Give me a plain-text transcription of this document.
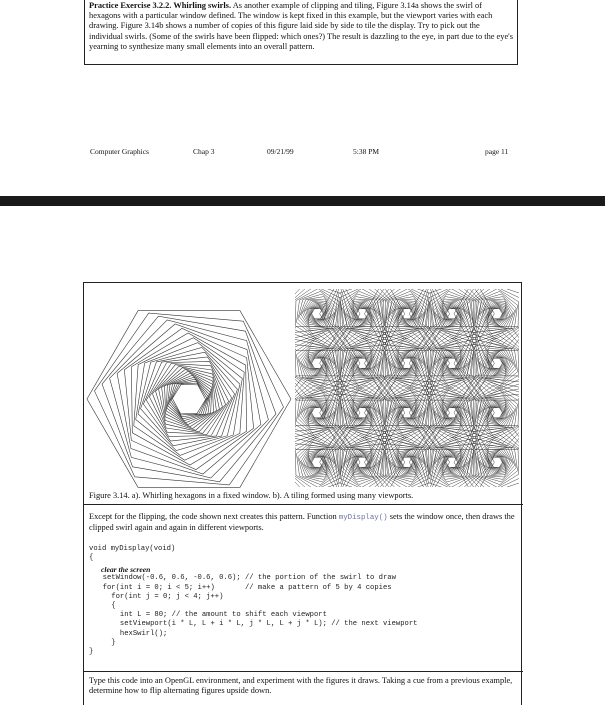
Practice Exercise 3.2.2. Whirling swirls. As another example of clipping and tiling, Figure 3.14a shows the swirl of hexagons with a particular window defined. The window is kept fixed in this example, but the viewport varies with each drawing. Figure 3.14b shows a number of copies of this figure laid side by side to tile the display. Try to pick out the individual swirls. (Some of the swirls have been flipped: which ones?) The result is dazzling to the eye, in part due to the eye's yearning to synthesize many small elements into an overall pattern.

Computer Graphics	Chap 3	09/21/99	5:38 PM	page 11
Figure 3.14. a). Whirling hexagons in a fixed window. b). A tiling formed using many viewports.

Except for the flipping, the code shown next creates this pattern. Function myDisplay() sets the window once, then draws the clipped swirl again and again in different viewports.

void myDisplay(void)
{
clear the screen
setWindow(-0.6, 0.6, -0.6, 0.6); // the portion of the swirl to draw
for(int i = 0; i < 5; i++)       // make a pattern of 5 by 4 copies
for(int j = 0; j < 4; j++)
{
int L = 80; // the amount to shift each viewport
setViewport(i * L, L + i * L, j * L, L + j * L); // the next viewport
hexSwirl();
}
}

Type this code into an OpenGL environment, and experiment with the figures it draws. Taking a cue from a previous example, determine how to flip alternating figures upside down.
